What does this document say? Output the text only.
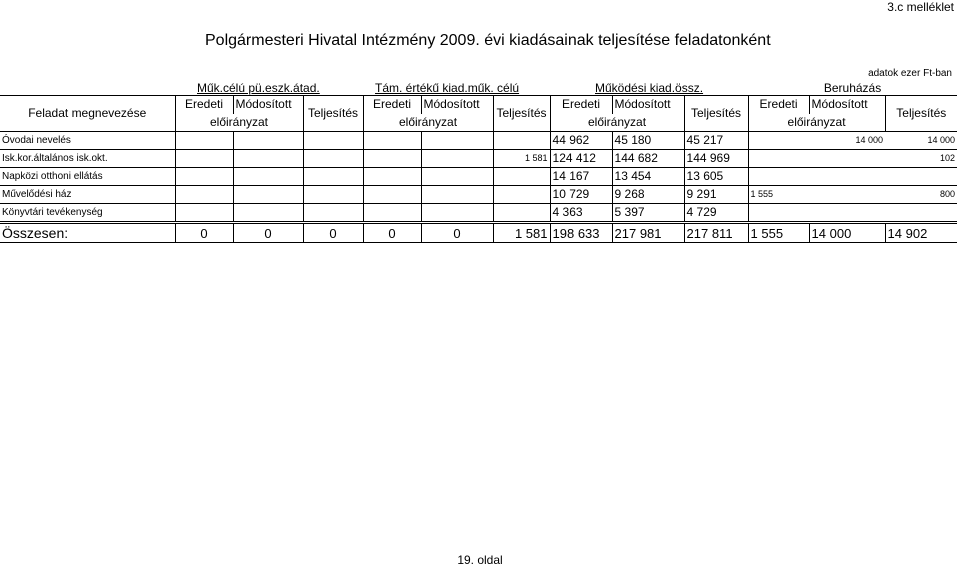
3.c melléklet
Polgármesteri Hivatal Intézmény 2009. évi kiadásainak teljesítése feladatonként
adatok ezer Ft-ban
	Műk.célú pü.eszk.átad.			Tám. értékű kiad.műk. célú			Működési kiad.össz.			Beruházás		
Feladat megnevezése	Eredeti	Módosított	Teljesítés	Eredeti	Módosított	Teljesítés	Eredeti	Módosított	Teljesítés	Eredeti	Módosított	Teljesítés
	előirányzat			előirányzat			előirányzat			előirányzat		
Óvodai nevelés							44 962	45 180	45 217		14 000	14 000
Isk.kor.általános isk.okt.						1 581	124 412	144 682	144 969			102
Napközi otthoni ellátás							14 167	13 454	13 605			
Művelődési ház							10 729	9 268	9 291	1 555		800
Könyvtári tevékenység							4 363	5 397	4 729			
Összesen:	0	0	0	0	0	1 581	198 633	217 981	217 811	1 555	14 000	14 902
19. oldal
